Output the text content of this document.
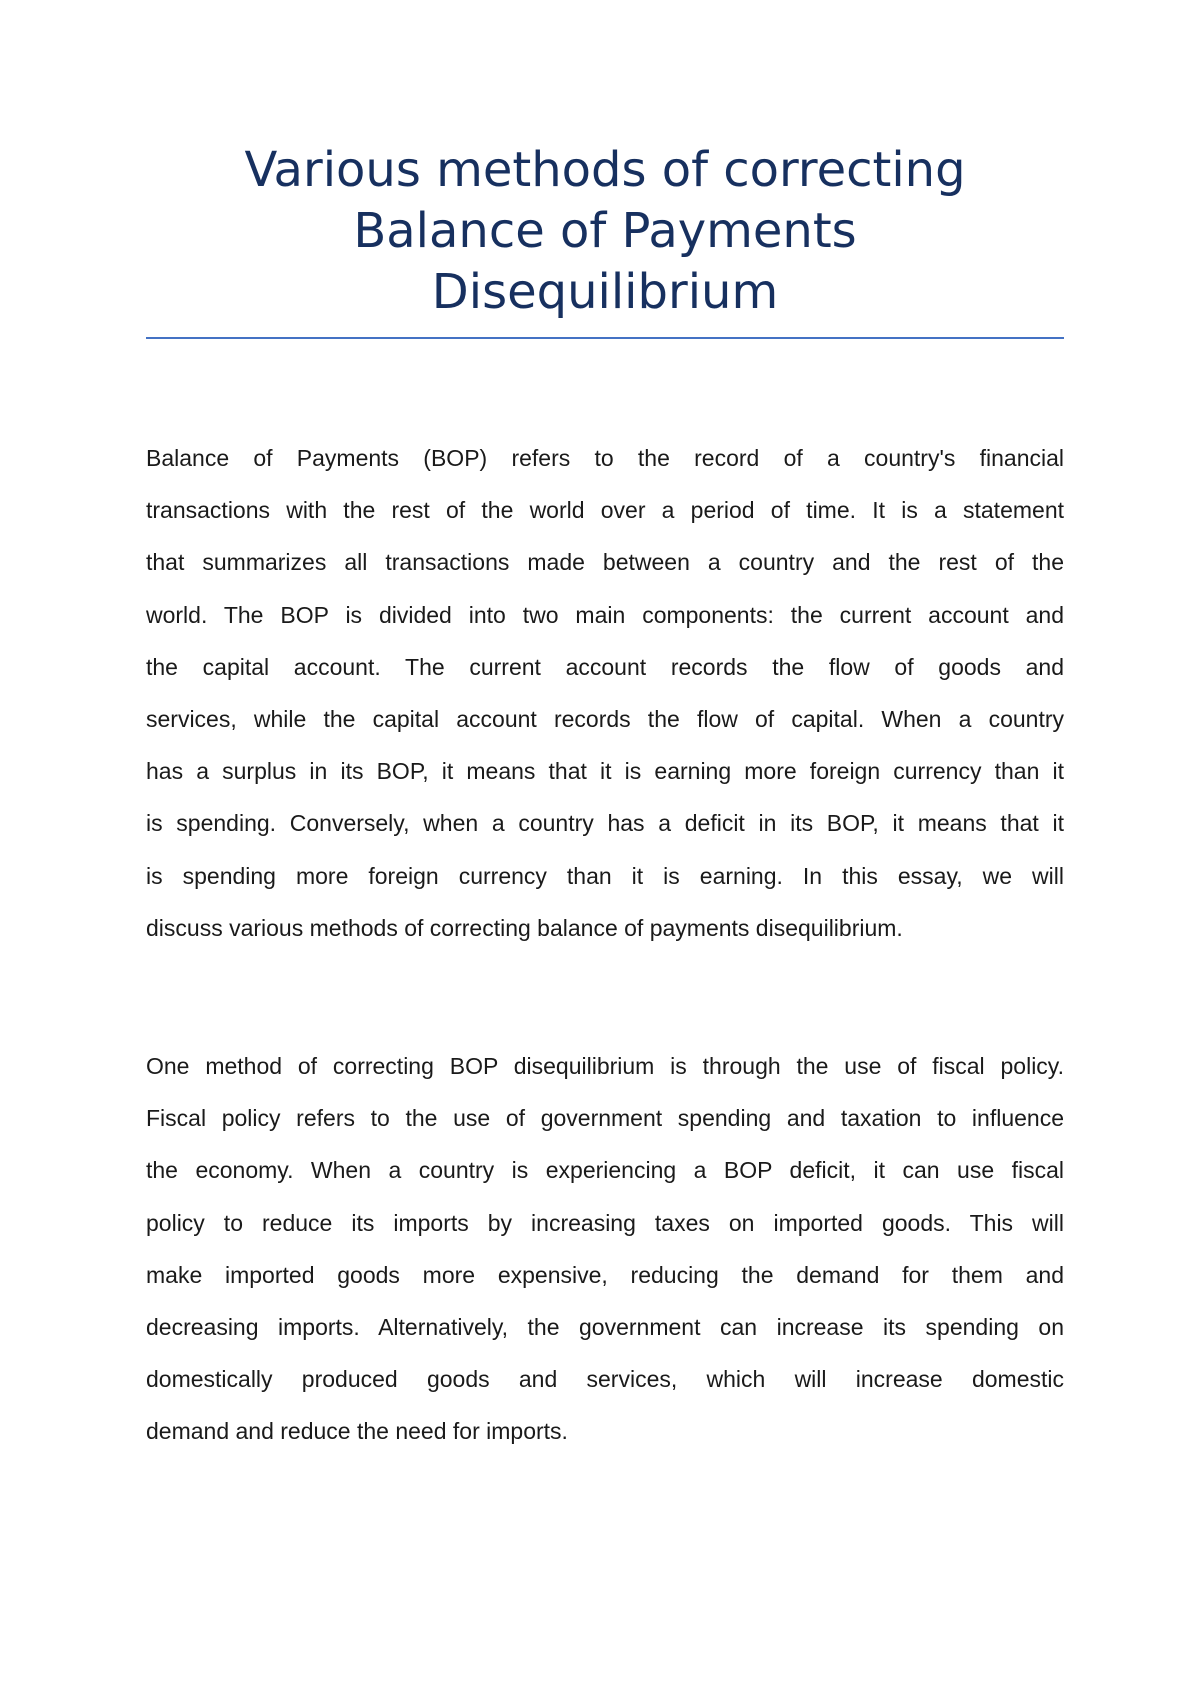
Various methods of correcting
Balance of Payments
Disequilibrium
Balance of Payments (BOP) refers to the record of a country's financial
transactions with the rest of the world over a period of time. It is a statement
that summarizes all transactions made between a country and the rest of the
world. The BOP is divided into two main components: the current account and
the capital account. The current account records the flow of goods and
services, while the capital account records the flow of capital. When a country
has a surplus in its BOP, it means that it is earning more foreign currency than it
is spending. Conversely, when a country has a deficit in its BOP, it means that it
is spending more foreign currency than it is earning. In this essay, we will
discuss various methods of correcting balance of payments disequilibrium.
One method of correcting BOP disequilibrium is through the use of fiscal policy.
Fiscal policy refers to the use of government spending and taxation to influence
the economy. When a country is experiencing a BOP deficit, it can use fiscal
policy to reduce its imports by increasing taxes on imported goods. This will
make imported goods more expensive, reducing the demand for them and
decreasing imports. Alternatively, the government can increase its spending on
domestically produced goods and services, which will increase domestic
demand and reduce the need for imports.
